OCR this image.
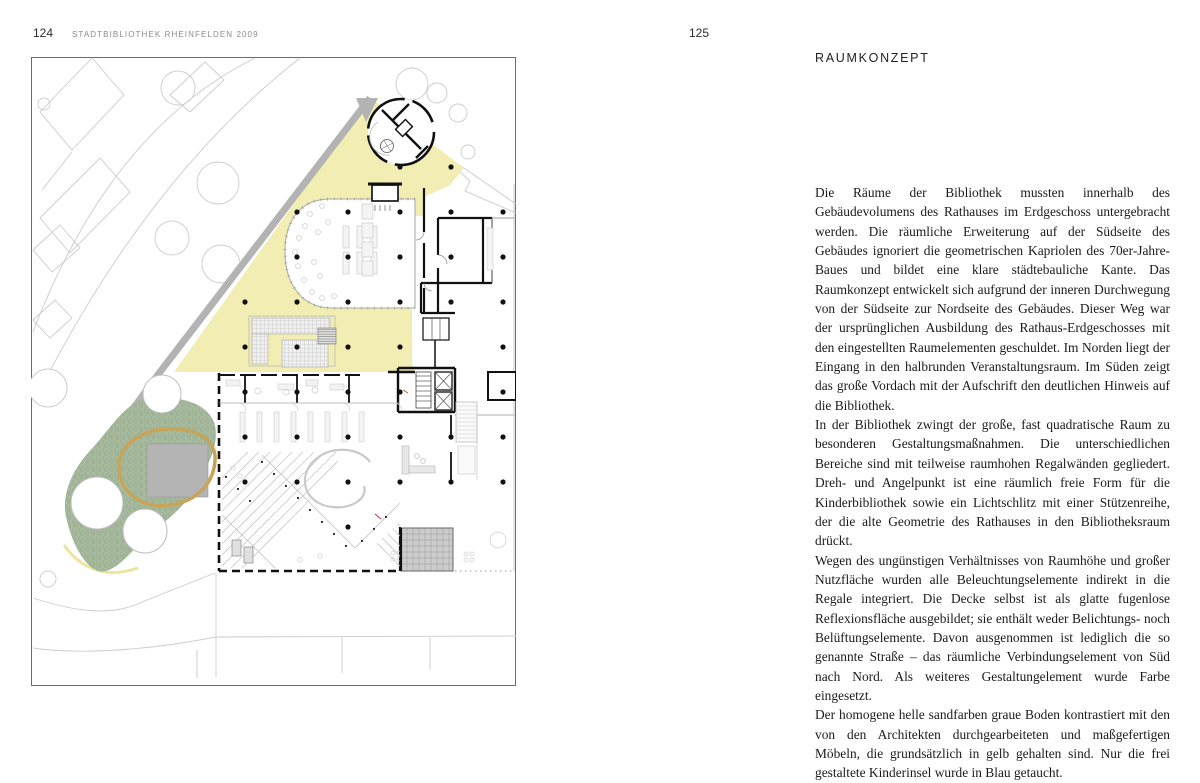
124 STADTBIBLIOTHEK RHEINFELDEN 2009	125
RAUMKONZEPT

Die Räume der Bibliothek mussten innerhalb des Gebäudevolumens des Rathauses im Erdgeschoss untergebracht werden. Die räumliche Erweiterung auf der Südseite des Gebäudes ignoriert die geometrischen Kapriolen des 70er-Jahre-Baues und bildet eine klare städtebauliche Kante. Das Raumkonzept entwickelt sich aufgrund der inneren Durchwegung von der Südseite zur Nordseite des Gebäudes. Dieser Weg war der ursprünglichen Ausbildung des Rathaus-Erdgeschosses mit den eingestellten Raumelementen geschuldet. Im Norden liegt der Eingang in den halbrunden Veranstaltungsraum. Im Süden zeigt das große Vordach mit der Aufschrift den deutlichen Hinweis auf die Bibliothek.

In der Bibliothek zwingt der große, fast quadratische Raum zu besonderen Gestaltungsmaßnahmen. Die unterschiedlichen Bereiche sind mit teilweise raumhohen Regalwänden gegliedert. Dreh- und Angelpunkt ist eine räumlich freie Form für die Kinderbibliothek sowie ein Lichtschlitz mit einer Stützenreihe, der die alte Geometrie des Rathauses in den Bibliotheksraum drückt.

Wegen des ungünstigen Verhältnisses von Raumhöhe und großer Nutzfläche wurden alle Beleuchtungselemente indirekt in die Regale integriert. Die Decke selbst ist als glatte fugenlose Reflexionsfläche ausgebildet; sie enthält weder Belichtungs- noch Belüftungselemente. Davon ausgenommen ist lediglich die so genannte Straße – das räumliche Verbindungselement von Süd nach Nord. Als weiteres Gestaltungelement wurde Farbe eingesetzt.

Der homogene helle sandfarben graue Boden kontrastiert mit den von den Architekten durchgearbeiteten und maßgefertigen Möbeln, die grundsätzlich in gelb gehalten sind. Nur die frei gestaltete Kinderinsel wurde in Blau getaucht.
